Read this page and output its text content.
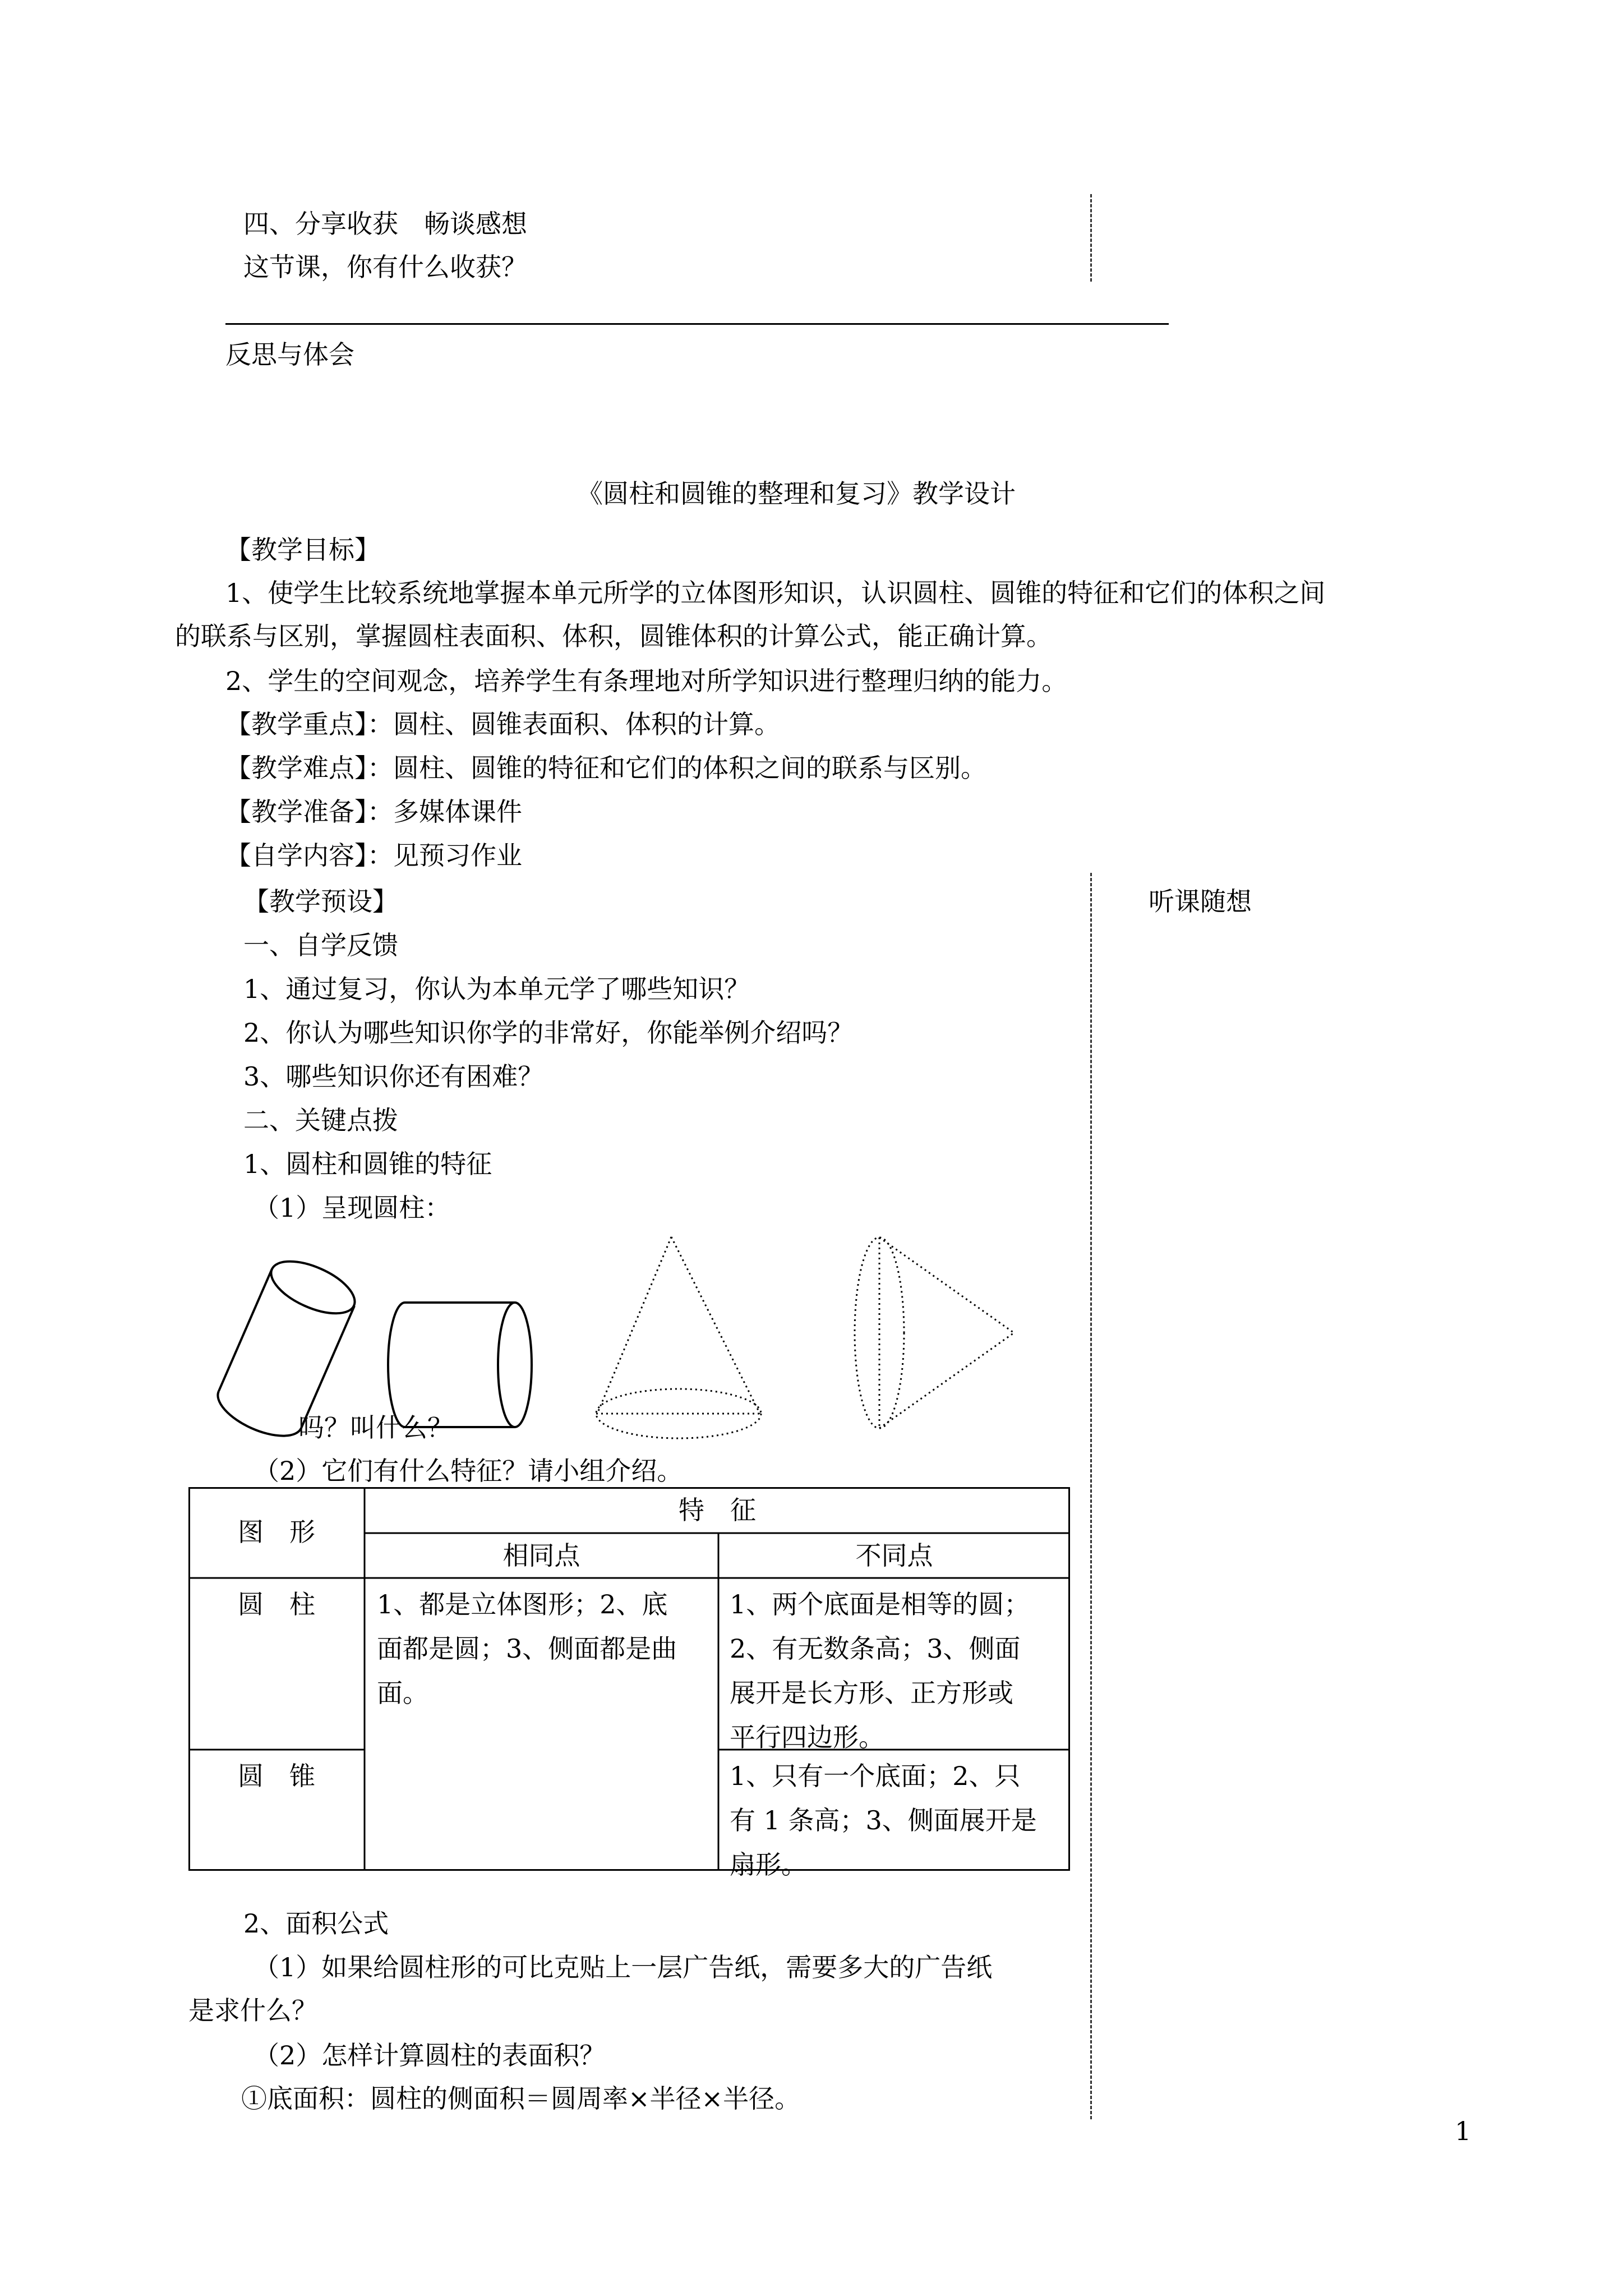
四、分享收获　畅谈感想
这节课，你有什么收获？
反思与体会
《圆柱和圆锥的整理和复习》教学设计
【教学目标】
1、使学生比较系统地掌握本单元所学的立体图形知识，认识圆柱、圆锥的特征和它们的体积之间
的联系与区别，掌握圆柱表面积、体积，圆锥体积的计算公式，能正确计算。
2、学生的空间观念，培养学生有条理地对所学知识进行整理归纳的能力。
【教学重点】：圆柱、圆锥表面积、体积的计算。
【教学难点】：圆柱、圆锥的特征和它们的体积之间的联系与区别。
【教学准备】：多媒体课件
【自学内容】：见预习作业
听课随想
【教学预设】
一、自学反馈
1、通过复习，你认为本单元学了哪些知识？
2、你认为哪些知识你学的非常好，你能举例介绍吗？
3、哪些知识你还有困难？
二、关键点拨
1、圆柱和圆锥的特征
（1）呈现圆柱：
吗？叫什么？
（2）它们有什么特征？请小组介绍。
图　形
特　征
相同点	不同点
圆　柱
圆　锥
1、都是立体图形；2、底
面都是圆；3、侧面都是曲
面。
1、两个底面是相等的圆；
2、有无数条高；3、侧面
展开是长方形、正方形或
平行四边形。
1、只有一个底面；2、只
有 1 条高；3、侧面展开是
扇形。
2、面积公式
（1）如果给圆柱形的可比克贴上一层广告纸，需要多大的广告纸
是求什么？
（2）怎样计算圆柱的表面积？
①底面积：圆柱的侧面积＝圆周率×半径×半径。
1
